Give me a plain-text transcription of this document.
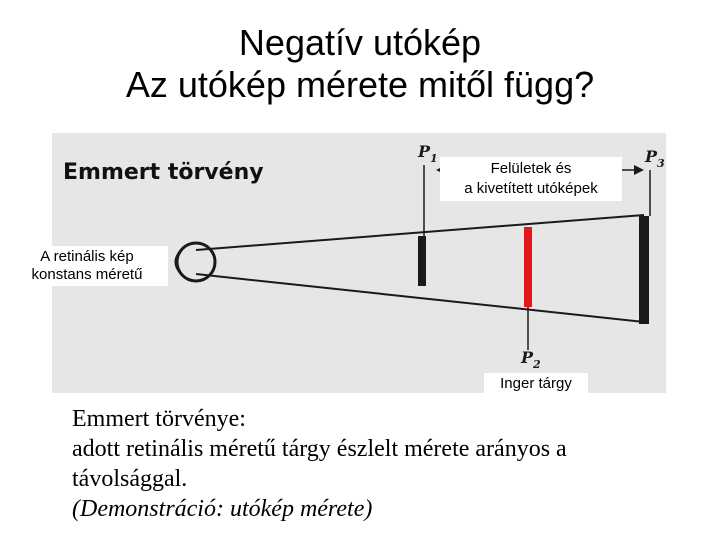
Negatív utókép
Az utókép mérete mitől függ?
$P_1$	$P_3$
$P_2$
Emmert törvény
A retinális kép
konstans méretű
Felületek és
a kivetített utóképek
Inger tárgy
Emmert törvénye:
adott retinális méretű tárgy észlelt mérete arányos a távolsággal.
(Demonstráció: utókép mérete)
